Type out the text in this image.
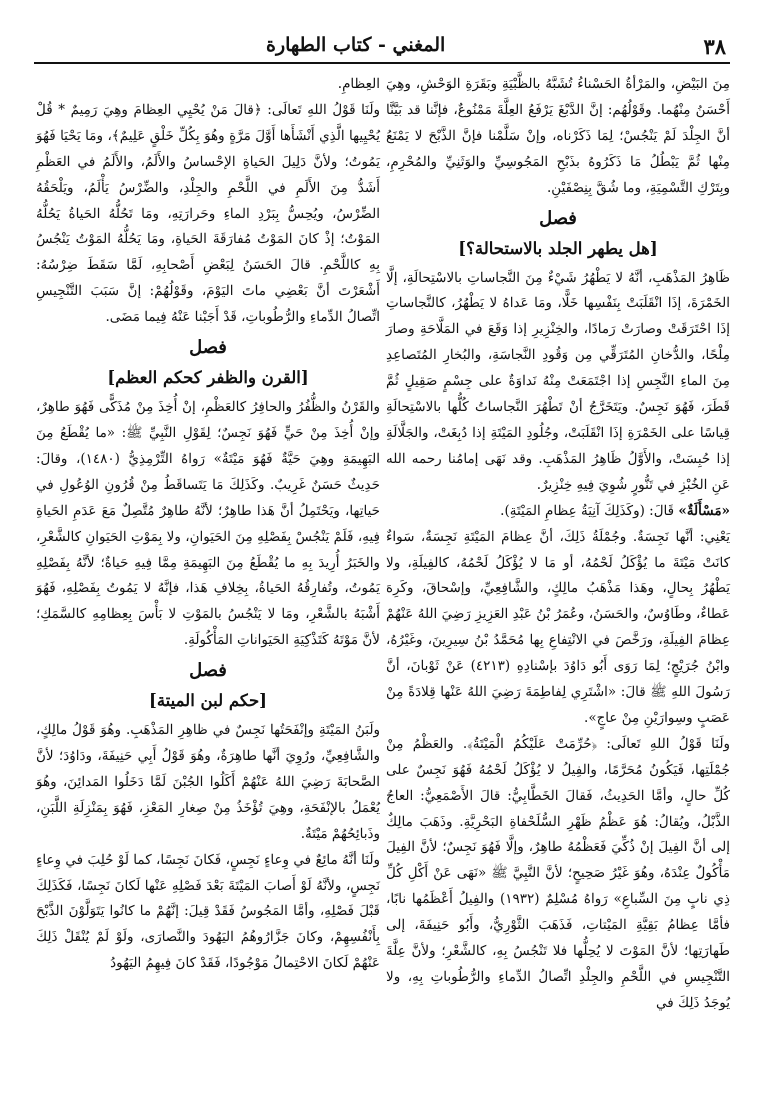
٣٨
المغني - كتاب الطهارة

مِنَ البَيْضِ، والمَرْأةُ الحَسْناءُ تُشَبَّهُ بالظَّبْيَةِ وبَقَرَةِ الوَحْشِ، وهِيَ أَحْسَنُ مِنْهُما. وقَوْلُهُم: إنَّ الدَّبْغَ يَرْفَعُ العِلَّةَ مَمْنُوعٌ، فإنَّنا قد بَيَّنَّا أنَّ الجِلْدَ لَمْ يَنْجُسْ؛ لِمَا ذَكَرْناه، وإنْ سَلَّمْنا فإنَّ الذَّبْحَ لا يَمْنَعُ مِنْها ثُمَّ يَبْطُلُ مَا ذَكَرُوهُ بذَبْحِ المَجُوسِيِّ والوَثَنِيِّ والمُحْرِمِ، وبِتَرْكِ التَّسْمِيَةِ، وما شُقَّ بِنِصْفَيْنِ.

فصل
[هل يطهر الجلد بالاستحالة؟]

ظَاهِرُ المَذْهَبِ، أنَّهُ لا يَطْهُرُ شَيْءٌ مِنَ النَّجاساتِ بالاسْتِحالَةِ، إلَّا الخَمْرَةَ، إذَا انْقَلَبَتْ بِنَفْسِها خَلًّا، ومَا عَداهُ لا يَطْهُرُ، كالنَّجاساتِ إذَا احْتَرَقَتْ وصارَتْ رَمادًا، والخِنْزِيرِ إذا وَقَعَ في المَلَّاحَةِ وصارَ مِلْحًا، والدُّخانِ المُتَرَقِّي مِن وَقُودِ النَّجاسَةِ، والبُخارِ المُتَصاعِدِ مِنَ الماءِ النَّجِسِ إذا اجْتَمَعَتْ مِنْهُ نَداوَةٌ على جِسْمٍ صَقِيلٍ ثُمَّ قَطَرَ، فَهُوَ نَجِسٌ. ويَتَخَرَّجُ أنْ تَطْهُرَ النَّجاساتُ كُلُّها بالاسْتِحالَةِ قِياسًا على الخَمْرَةِ إذَا انْقَلَبَتْ، وجُلُودِ المَيْتَةِ إذا دُبِغَتْ، والجَلَّالَةِ إذا حُبِسَتْ، والأَوَّلُ ظَاهِرُ المَذْهَبِ. وقد نَهَى إمامُنا رحمه الله عَنِ الخُبْزِ في تَنُّورٍ شُوِيَ فِيهِ خِنْزِيرٌ.

«مَسْأَلَةٌ» قَالَ: (وكَذَلِكَ آنِيَةُ عِظامِ المَيْتَةِ).

يَعْنِي: أنَّها نَجِسَةٌ. وجُمْلَةُ ذَلِكَ، أنَّ عِظامَ المَيْتَةِ نَجِسَةٌ، سَواءٌ كانَتْ مَيْتَةَ ما يُؤْكَلُ لَحْمُهُ، أو مَا لا يُؤْكَلُ لَحْمُهُ، كالفِيلَةِ، ولا يَطْهُرُ بِحالٍ، وهَذا مَذْهَبُ مالِكٍ، والشَّافِعِيِّ، وإسْحاقَ، وكَرِهَ عَطاءٌ، وطَاوُسٌ، والحَسَنُ، وعُمَرُ بْنُ عَبْدِ العَزِيزِ رَضِيَ اللهُ عَنْهُمْ عِظامَ الفِيلَةِ، ورَخَّصَ في الانْتِفاعِ بِها مُحَمَّدُ بْنُ سِيرِينَ، وغَيْرُهُ، وابْنُ جُرَيْجٍ؛ لِمَا رَوَى أَبُو دَاوُدَ بإسْنادِهِ (٤٢١٣) عَنْ ثَوْبانَ، أنَّ رَسُولَ اللهِ ﷺ قالَ: «اشْتَرِي لِفاطِمَةَ رَضِيَ اللهُ عَنْها قِلادَةً مِنْ عَصَبٍ وسِوارَيْنِ مِنْ عاجٍ».

ولَنَا قَوْلُ اللهِ تَعالَى: ﴿حُرِّمَتْ عَلَيْكُمُ الْمَيْتَةُ﴾. والعَظْمُ مِنْ جُمْلَتِها، فَيَكُونُ مُحَرَّمًا، والفِيلُ لا يُؤْكَلُ لَحْمُهُ فَهُوَ نَجِسٌ على كُلِّ حالٍ، وأمَّا الحَدِيثُ، فَقالَ الخَطَّابِيُّ: قالَ الأَصْمَعِيُّ: العاجُ الذَّبْلُ، ويُقالُ: هُوَ عَظْمُ ظَهْرِ السُّلَحْفاةِ البَحْرِيَّةِ. وذَهَبَ مالِكٌ إلى أنَّ الفِيلَ إنْ ذُكِّيَ فَعَظْمُهُ طاهِرٌ، وإلَّا فَهُوَ نَجِسٌ؛ لأنَّ الفِيلَ مَأْكُولٌ عِنْدَهُ، وهُوَ غَيْرُ صَحِيحٍ؛ لأنَّ النَّبِيَّ ﷺ «نَهَى عَنْ أَكْلِ كُلِّ ذِي نابٍ مِنَ السِّباعِ» رَواهُ مُسْلِمٌ (١٩٣٢) والفِيلُ أَعْظَمُها نابًا، فأمَّا عِظامُ بَقِيَّةِ المَيْتاتِ، فَذَهَبَ الثَّوْرِيُّ، وأَبُو حَنِيفَةَ، إلى طَهارَتِها؛ لأنَّ المَوْتَ لا يُحِلُّها فلا تَنْجُسُ بِهِ، كالشَّعْرِ؛ ولأنَّ عِلَّةَ التَّنْجِيسِ في اللَّحْمِ والجِلْدِ اتِّصالُ الدِّماءِ والرُّطُوباتِ بِهِ، ولا يُوجَدُ ذَلِكَ في

العِظامِ.

ولَنَا قَوْلُ اللهِ تَعالَى: ﴿قالَ مَنْ يُحْيِي العِظامَ وهِيَ رَمِيمٌ * قُلْ يُحْيِيها الَّذِي أَنْشَأَها أَوَّلَ مَرَّةٍ وهُوَ بِكُلِّ خَلْقٍ عَلِيمٌ﴾، ومَا يَحْيَا فَهُوَ يَمُوتُ؛ ولأنَّ دَلِيلَ الحَياةِ الإحْساسُ والأَلَمُ، والأَلَمُ في العَظْمِ أَشَدُّ مِنَ الأَلَمِ في اللَّحْمِ والجِلْدِ، والضِّرْسُ يَأْلَمُ، ويَلْحَقُهُ الضِّرْسُ، ويُحِسُّ بِبَرْدِ الماءِ وحَرارَتِهِ، ومَا تَحُلُّهُ الحَياةُ يَحُلُّهُ المَوْتُ؛ إذْ كانَ المَوْتُ مُفارَقَةَ الحَياةِ، ومَا يَحُلُّهُ المَوْتُ يَنْجُسُ بِهِ كاللَّحْمِ. قالَ الحَسَنُ لِبَعْضِ أَصْحابِهِ، لَمَّا سَقَطَ ضِرْسُهُ: أَشْعَرْتَ أنَّ بَعْضِي ماتَ اليَوْمَ، وقَوْلُهُمْ: إنَّ سَبَبَ التَّنْجِيسِ اتِّصالُ الدِّماءِ والرُّطُوباتِ، قَدْ أَجَبْنا عَنْهُ فِيما مَضَى.

فصل
[القرن والظفر كحكم العظم]

والقَرْنُ والظُّفُرُ والحافِرُ كالعَظْمِ، إنْ أُخِذَ مِنْ مُذَكًّى فَهُوَ طاهِرٌ، وإنْ أُخِذَ مِنْ حَيٍّ فَهُوَ نَجِسٌ؛ لِقَوْلِ النَّبِيِّ ﷺ: «ما يُقْطَعُ مِنَ البَهِيمَةِ وهِيَ حَيَّةٌ فَهُوَ مَيْتَةٌ» رَواهُ التِّرْمِذِيُّ (١٤٨٠)، وقالَ: حَدِيثٌ حَسَنٌ غَرِيبٌ. وكَذَلِكَ مَا يَتَساقَطُ مِنْ قُرُونِ الوُعُولِ في حَياتِها، ويَحْتَمِلُ أنَّ هَذا طاهِرٌ؛ لأنَّهُ طاهِرٌ مُتَّصِلٌ مَعَ عَدَمِ الحَياةِ فِيهِ، فَلَمْ يَنْجُسْ بِفَصْلِهِ مِنَ الحَيَوانِ، ولا بِمَوْتِ الحَيَوانِ كالشَّعْرِ، والخَبَرُ أُرِيدَ بِهِ ما يُقْطَعُ مِنَ البَهِيمَةِ مِمَّا فِيهِ حَياةٌ؛ لأنَّهُ بِفَصْلِهِ يَمُوتُ، وتُفارِقُهُ الحَياةُ، بِخِلافِ هَذا، فإنَّهُ لا يَمُوتُ بِفَصْلِهِ، فَهُوَ أَشْبَهُ بالشَّعْرِ، ومَا لا يَنْجُسُ بالمَوْتِ لا بَأْسَ بِعِظامِهِ كالسَّمَكِ؛ لأنَّ مَوْتَهُ كَتَذْكِيَةِ الحَيَواناتِ المَأْكُولَةِ.

فصل
[حكم لبن الميتة]

ولَبَنُ المَيْتَةِ وإنْفَحَتُها نَجِسٌ في ظاهِرِ المَذْهَبِ. وهُوَ قَوْلُ مالِكٍ، والشَّافِعِيِّ، ورُوِيَ أنَّها طاهِرَةٌ، وهُوَ قَوْلُ أَبِي حَنِيفَةَ، ودَاوُدَ؛ لأنَّ الصَّحابَةَ رَضِيَ اللهُ عَنْهُمْ أَكَلُوا الجُبْنَ لَمَّا دَخَلُوا المَدائِنَ، وهُوَ يُعْمَلُ بالإنْفَحَةِ، وهِيَ تُؤْخَذُ مِنْ صِغارِ المَعْزِ، فَهُوَ بِمَنْزِلَةِ اللَّبَنِ، وذَبائِحُهُمْ مَيْتَةٌ.

ولَنَا أنَّهُ مائِعٌ في وِعاءٍ نَجِسٍ، فَكانَ نَجِسًا، كما لَوْ حُلِبَ في وِعاءٍ نَجِسٍ، ولأنَّهُ لَوْ أَصابَ المَيْتَةَ بَعْدَ فَصْلِهِ عَنْها لَكانَ نَجِسًا، فَكَذَلِكَ قَبْلَ فَصْلِهِ، وأمَّا المَجُوسُ فَقَدْ قِيلَ: إنَّهُمْ ما كانُوا يَتَوَلَّوْنَ الذَّبْحَ بِأَنْفُسِهِمْ، وكانَ جَزَّارُوهُمُ اليَهُودَ والنَّصارَى، ولَوْ لَمْ يُنْقَلْ ذَلِكَ عَنْهُمْ لَكانَ الاحْتِمالُ مَوْجُودًا، فَقَدْ كانَ فِيهِمُ اليَهُودُ
